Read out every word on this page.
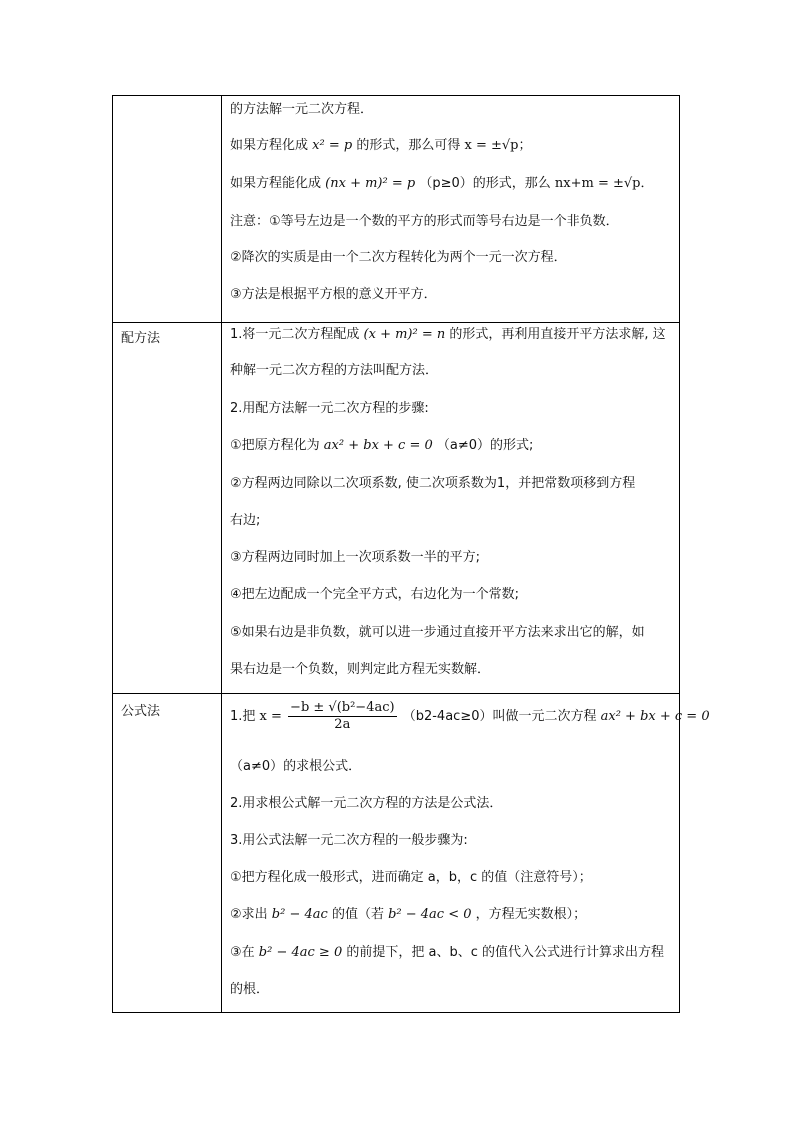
的方法解一元二次方程．
如果方程化成 x² = p 的形式，那么可得 x = ±√p；
如果方程能化成 (nx + m)² = p （p≥0）的形式，那么 nx+m = ±√p．
注意：①等号左边是一个数的平方的形式而等号右边是一个非负数．
②降次的实质是由一个二次方程转化为两个一元一次方程．
③方法是根据平方根的意义开平方．
配方法	1.将一元二次方程配成 (x + m)² = n 的形式，再利用直接开平方法求解, 这
种解一元二次方程的方法叫配方法．
2.用配方法解一元二次方程的步骤:
①把原方程化为 ax² + bx + c = 0 （a≠0）的形式;
②方程两边同除以二次项系数, 使二次项系数为1，并把常数项移到方程
右边;
③方程两边同时加上一次项系数一半的平方;
④把左边配成一个完全平方式，右边化为一个常数;
⑤如果右边是非负数，就可以进一步通过直接开平方法来求出它的解，如
果右边是一个负数，则判定此方程无实数解．
公式法	1.把 $x = \frac{\text{−b ± √(b²−4ac)}}{2a} (b2-4ac\ge 0)$叫做一元二次方程 ax² + bx + c = 0
（a≠0）的求根公式．
2.用求根公式解一元二次方程的方法是公式法．
3.用公式法解一元二次方程的一般步骤为:
①把方程化成一般形式，进而确定 a，b，c 的值（注意符号）；
②求出 b² − 4ac 的值（若 b² − 4ac < 0 ，方程无实数根）；
③在 b² − 4ac ≥ 0 的前提下，把 a、b、c 的值代入公式进行计算求出方程
的根．
